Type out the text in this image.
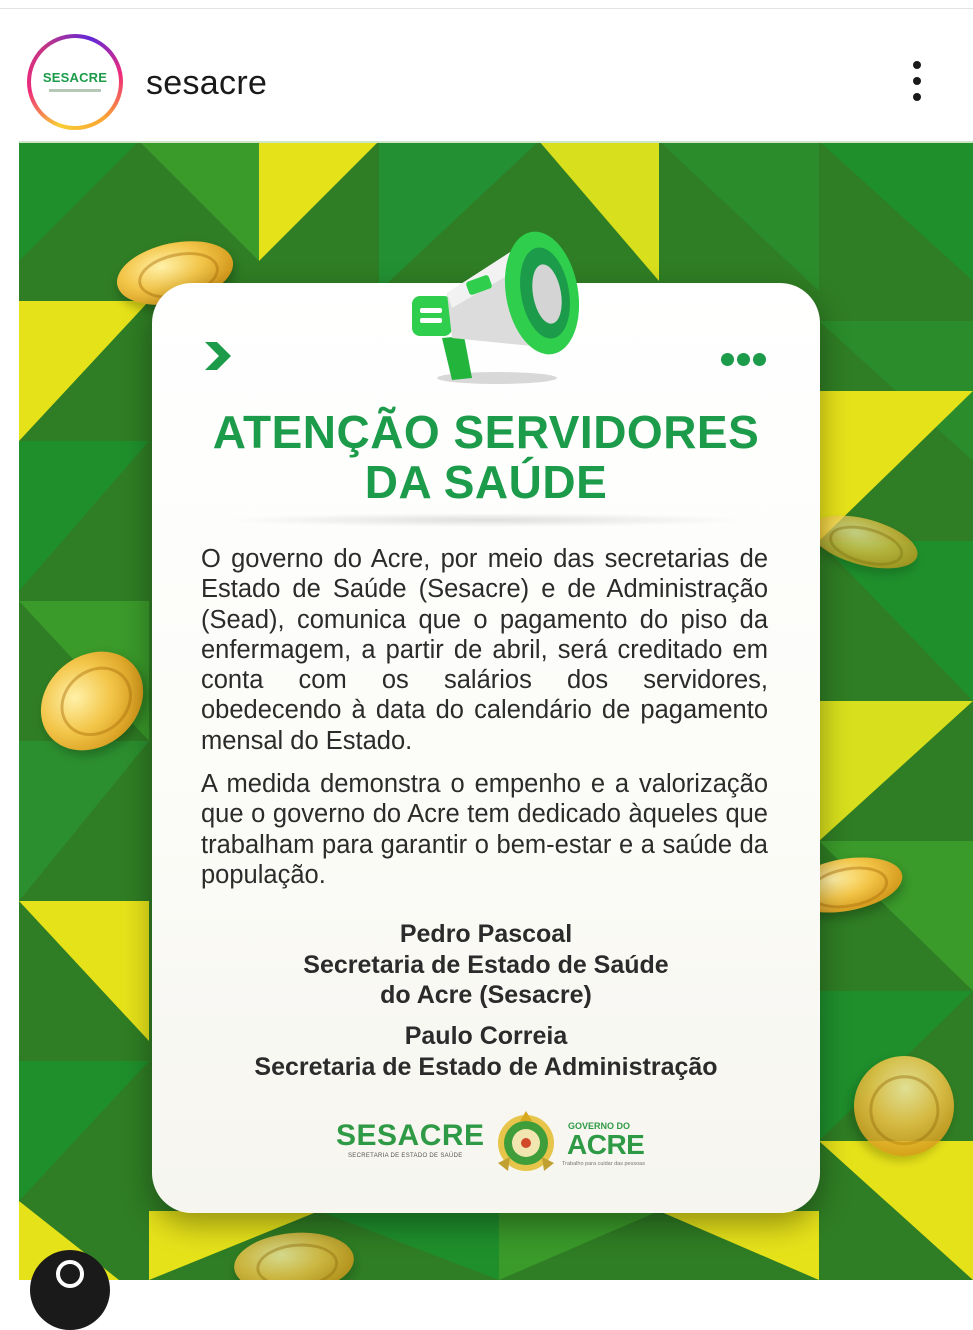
SESACRE sesacre
ATENÇÃO SERVIDORES
DA SAÚDE
O governo do Acre, por meio das secretarias de Estado de Saúde (Sesacre) e de Administração (Sead), comunica que o pagamento do piso da enfermagem, a partir de abril, será creditado em conta com os salários dos servidores, obedecendo à data do calendário de pagamento mensal do Estado.
A medida demonstra o empenho e a valorização que o governo do Acre tem dedicado àqueles que trabalham para garantir o bem-estar e a saúde da população.
Pedro Pascoal
Secretaria de Estado de Saúde
do Acre (Sesacre)
Paulo Correia
Secretaria de Estado de Administração
SESACRE
SECRETARIA DE ESTADO DE SAÚDE
GOVERNO DO
ACRE
Trabalho para cuidar das pessoas
